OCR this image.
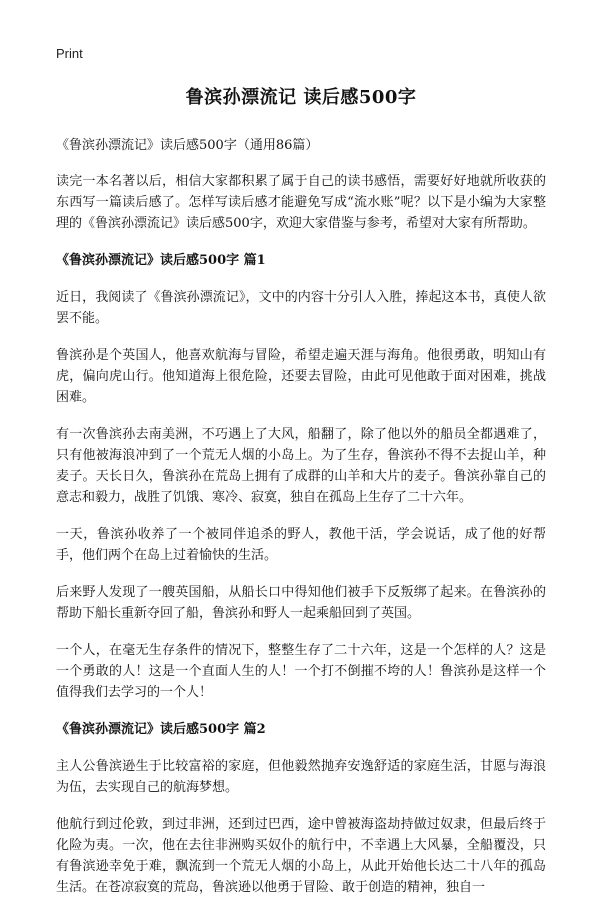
Print
鲁滨孙漂流记 读后感500字
《鲁滨孙漂流记》读后感500字（通用86篇）

读完一本名著以后，相信大家都积累了属于自己的读书感悟，需要好好地就所收获的东西写一篇读后感了。怎样写读后感才能避免写成“流水账”呢？以下是小编为大家整理的《鲁滨孙漂流记》读后感500字，欢迎大家借鉴与参考，希望对大家有所帮助。

《鲁滨孙漂流记》读后感500字 篇1

近日，我阅读了《鲁滨孙漂流记》，文中的内容十分引人入胜，捧起这本书，真使人欲罢不能。

鲁滨孙是个英国人，他喜欢航海与冒险，希望走遍天涯与海角。他很勇敢，明知山有虎，偏向虎山行。他知道海上很危险，还要去冒险，由此可见他敢于面对困难，挑战困难。

有一次鲁滨孙去南美洲，不巧遇上了大风，船翻了，除了他以外的船员全都遇难了，只有他被海浪冲到了一个荒无人烟的小岛上。为了生存，鲁滨孙不得不去捉山羊，种麦子。天长日久，鲁滨孙在荒岛上拥有了成群的山羊和大片的麦子。鲁滨孙靠自己的意志和毅力，战胜了饥饿、寒冷、寂寞，独自在孤岛上生存了二十六年。

一天，鲁滨孙收养了一个被同伴追杀的野人，教他干活，学会说话，成了他的好帮手，他们两个在岛上过着愉快的生活。

后来野人发现了一艘英国船，从船长口中得知他们被手下反叛绑了起来。在鲁滨孙的帮助下船长重新夺回了船，鲁滨孙和野人一起乘船回到了英国。

一个人，在毫无生存条件的情况下，整整生存了二十六年，这是一个怎样的人？这是一个勇敢的人！这是一个直面人生的人！一个打不倒摧不垮的人！鲁滨孙是这样一个值得我们去学习的一个人！

《鲁滨孙漂流记》读后感500字 篇2

主人公鲁滨逊生于比较富裕的家庭，但他毅然抛弃安逸舒适的家庭生活，甘愿与海浪为伍，去实现自己的航海梦想。

他航行到过伦敦，到过非洲，还到过巴西，途中曾被海盗劫持做过奴隶，但最后终于化险为夷。一次，他在去往非洲购买奴仆的航行中，不幸遇上大风暴，全船覆没，只有鲁滨逊幸免于难，飘流到一个荒无人烟的小岛上，从此开始他长达二十八年的孤岛生活。在苍凉寂寞的荒岛，鲁滨逊以他勇于冒险、敢于创造的精神，独自一
